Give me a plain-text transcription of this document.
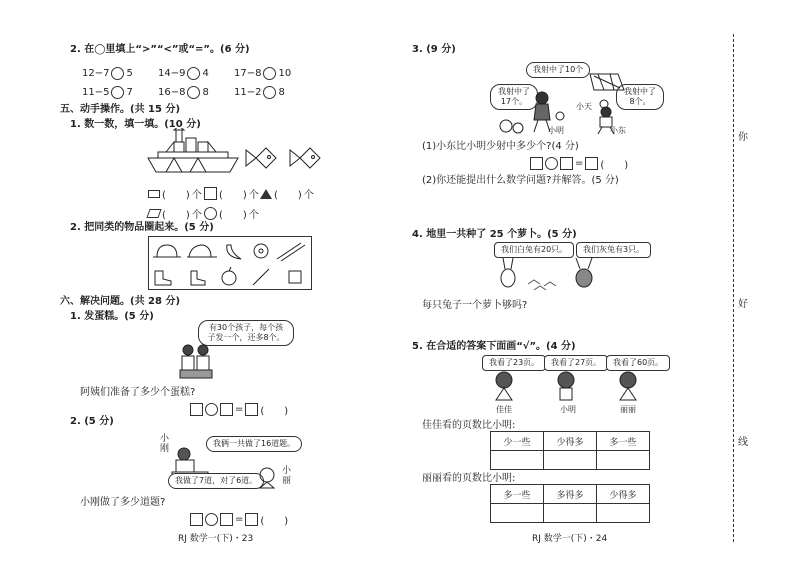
2. 在◯里填上“>”“<”或“=”。(6 分)
12−7 5	14−9 4	17−8 10
11−5 7	16−8 8	11−2 8
五、动手操作。(共 15 分)
1. 数一数，填一填。(10 分)
(　　) 个 (　　) 个 (　　) 个
(　　) 个 (　　) 个
2. 把同类的物品圈起来。(5 分)
六、解决问题。(共 28 分)
1. 发蛋糕。(5 分)
有30个孩子，每个孩子发一个，还多8个。
阿姨们准备了多少个蛋糕?
= (　　)
2. (5 分)
小刚
我俩一共做了16道题。
我做了7道，对了6道。
小丽
小刚做了多少道题?
= (　　)
RJ 数学一(下)・23
3. (9 分)
我射中了10个
我射中了17个。
我射中了8个。
小天
小明	小东
(1)小东比小明少射中多少个?(4 分)
= (　　)
(2)你还能提出什么数学问题?并解答。(5 分)
4. 地里一共种了 25 个萝卜。(5 分)
我们白兔有20只。	我们灰兔有3只。
每只兔子一个萝卜够吗?
5. 在合适的答案下面画“√”。(4 分)
我看了23页。	我看了27页。	我看了60页。
佳佳	小明	丽丽
佳佳看的页数比小明:
少一些	少得多	多一些

丽丽看的页数比小明:
多一些	多得多	少得多

RJ 数学一(下)・24
你
好
线
